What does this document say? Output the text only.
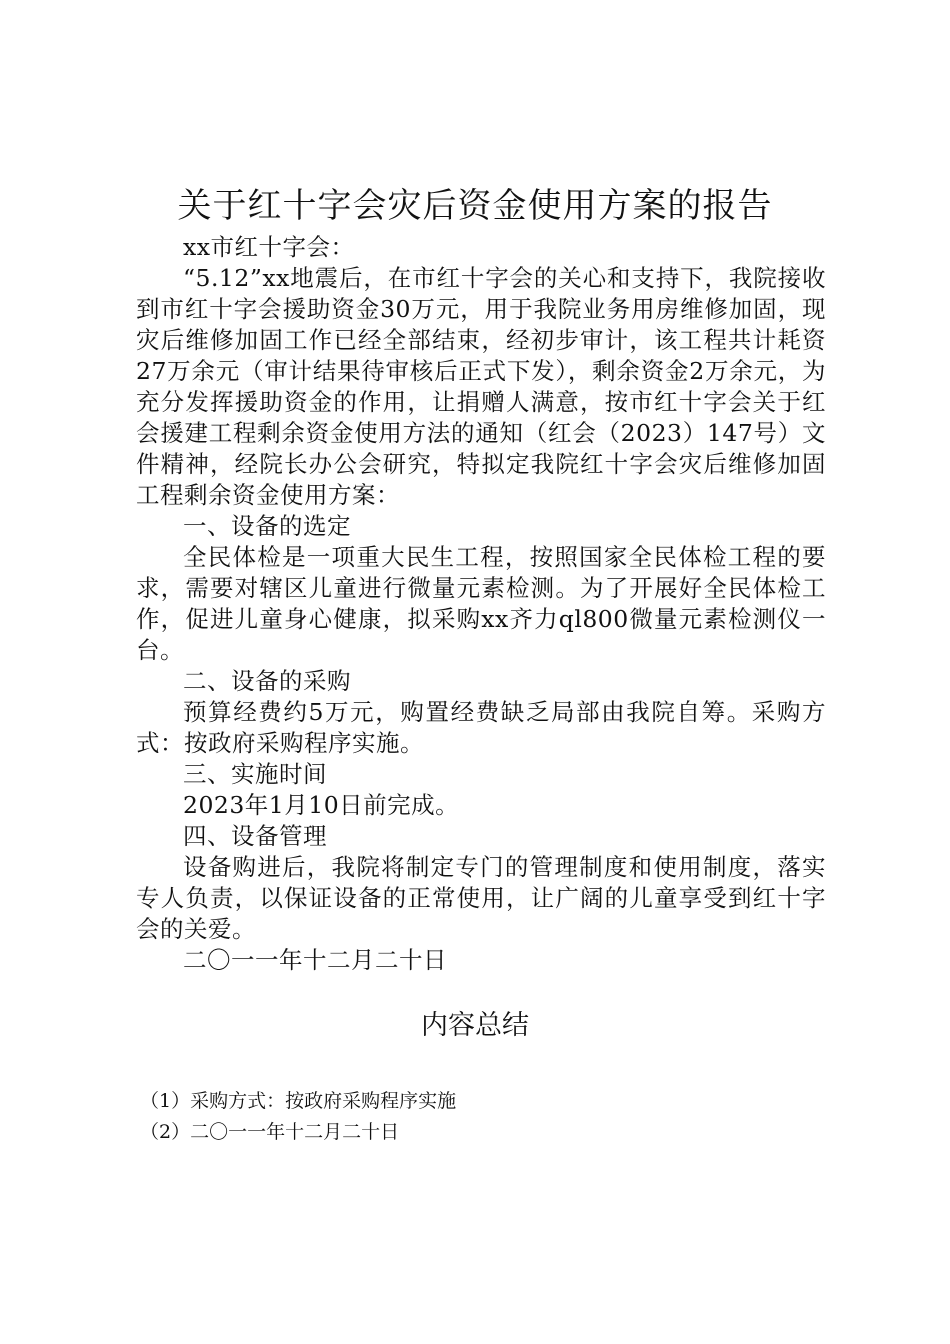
关于红十字会灾后资金使用方案的报告

xx市红十字会：

“5.12”xx地震后，在市红十字会的关心和支持下，我院接收到市红十字会援助资金30万元，用于我院业务用房维修加固，现灾后维修加固工作已经全部结束，经初步审计，该工程共计耗资27万余元（审计结果待审核后正式下发），剩余资金2万余元，为充分发挥援助资金的作用，让捐赠人满意，按市红十字会关于红会援建工程剩余资金使用方法的通知（红会（2023）147号）文件精神，经院长办公会研究，特拟定我院红十字会灾后维修加固工程剩余资金使用方案：

一、设备的选定

全民体检是一项重大民生工程，按照国家全民体检工程的要求，需要对辖区儿童进行微量元素检测。为了开展好全民体检工作，促进儿童身心健康，拟采购xx齐力ql800微量元素检测仪一台。

二、设备的采购

预算经费约5万元，购置经费缺乏局部由我院自筹。采购方式：按政府采购程序实施。

三、实施时间

2023年1月10日前完成。

四、设备管理

设备购进后，我院将制定专门的管理制度和使用制度，落实专人负责，以保证设备的正常使用，让广阔的儿童享受到红十字会的关爱。

二〇一一年十二月二十日

内容总结

（1）采购方式：按政府采购程序实施

（2）二〇一一年十二月二十日
